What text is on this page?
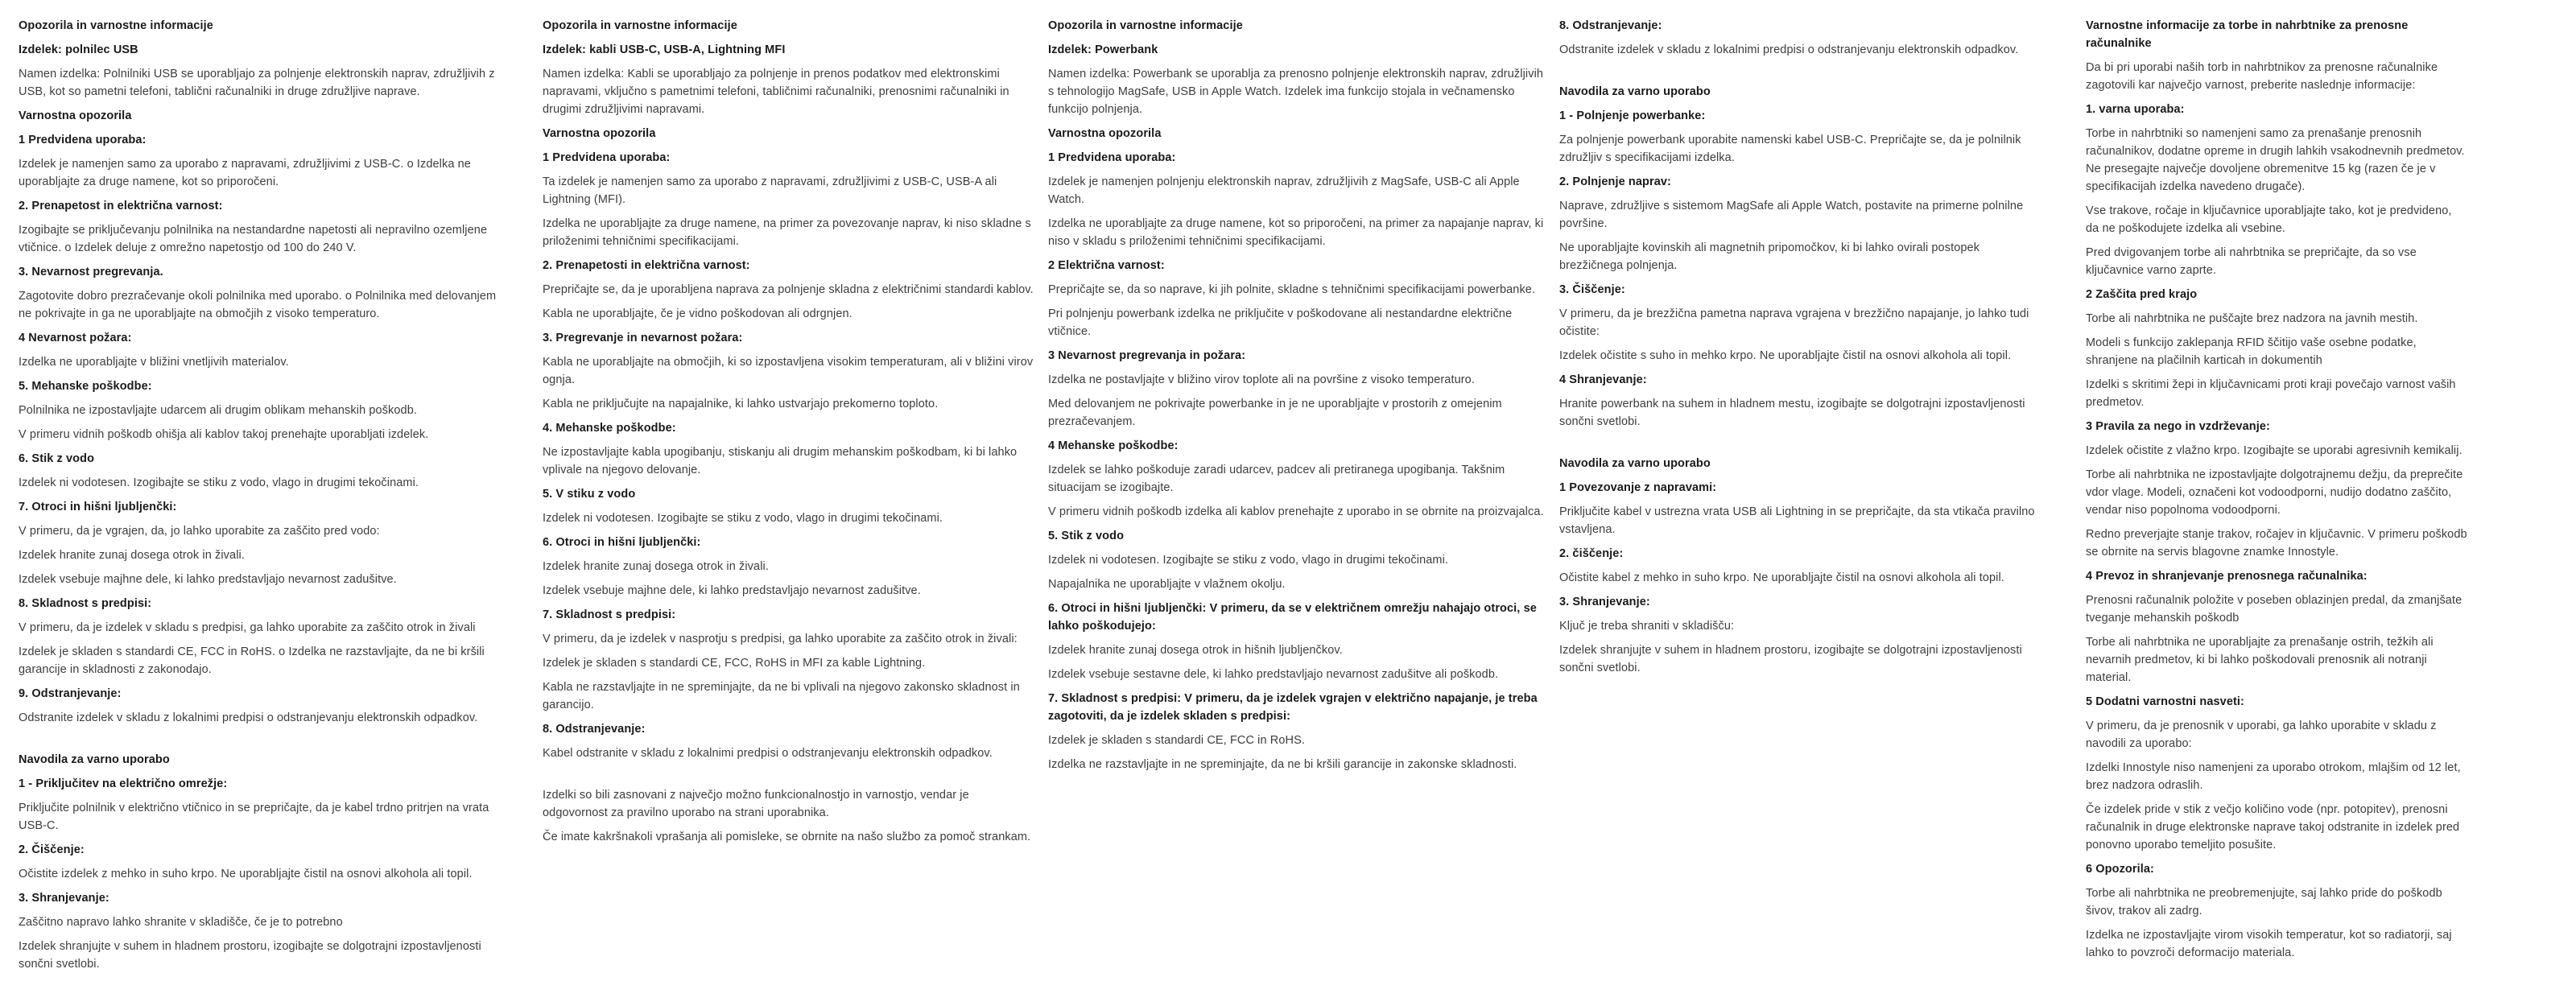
Opozorila in varnostne informacije
Izdelek: polnilec USB
Namen izdelka: Polnilniki USB se uporabljajo za polnjenje elektronskih naprav, združljivih z USB, kot so pametni telefoni, tablični računalniki in druge združljive naprave.
Varnostna opozorila
1 Predvidena uporaba:
Izdelek je namenjen samo za uporabo z napravami, združljivimi z USB-C. o Izdelka ne uporabljajte za druge namene, kot so priporočeni.
2. Prenapetost in električna varnost:
Izogibajte se priključevanju polnilnika na nestandardne napetosti ali nepravilno ozemljene vtičnice. o Izdelek deluje z omrežno napetostjo od 100 do 240 V.
3. Nevarnost pregrevanja.
Zagotovite dobro prezračevanje okoli polnilnika med uporabo. o Polnilnika med delovanjem ne pokrivajte in ga ne uporabljajte na območjih z visoko temperaturo.
4 Nevarnost požara:
Izdelka ne uporabljajte v bližini vnetljivih materialov.
5. Mehanske poškodbe:
Polnilnika ne izpostavljajte udarcem ali drugim oblikam mehanskih poškodb.
V primeru vidnih poškodb ohišja ali kablov takoj prenehajte uporabljati izdelek.
6. Stik z vodo
Izdelek ni vodotesen. Izogibajte se stiku z vodo, vlago in drugimi tekočinami.
7. Otroci in hišni ljubljenčki:
V primeru, da je vgrajen, da, jo lahko uporabite za zaščito pred vodo:
Izdelek hranite zunaj dosega otrok in živali.
Izdelek vsebuje majhne dele, ki lahko predstavljajo nevarnost zadušitve.
8. Skladnost s predpisi:
V primeru, da je izdelek v skladu s predpisi, ga lahko uporabite za zaščito otrok in živali
Izdelek je skladen s standardi CE, FCC in RoHS. o Izdelka ne razstavljajte, da ne bi kršili garancije in skladnosti z zakonodajo.
9. Odstranjevanje:
Odstranite izdelek v skladu z lokalnimi predpisi o odstranjevanju elektronskih odpadkov.
Navodila za varno uporabo
1 - Priključitev na električno omrežje:
Priključite polnilnik v električno vtičnico in se prepričajte, da je kabel trdno pritrjen na vrata USB-C.
2. Čiščenje:
Očistite izdelek z mehko in suho krpo. Ne uporabljajte čistil na osnovi alkohola ali topil.
3. Shranjevanje:
Zaščitno napravo lahko shranite v skladišče, če je to potrebno
Izdelek shranjujte v suhem in hladnem prostoru, izogibajte se dolgotrajni izpostavljenosti sončni svetlobi.
Opozorila in varnostne informacije
Izdelek: kabli USB-C, USB-A, Lightning MFI
Namen izdelka: Kabli se uporabljajo za polnjenje in prenos podatkov med elektronskimi napravami, vključno s pametnimi telefoni, tabličnimi računalniki, prenosnimi računalniki in drugimi združljivimi napravami.
Varnostna opozorila
1 Predvidena uporaba:
Ta izdelek je namenjen samo za uporabo z napravami, združljivimi z USB-C, USB-A ali Lightning (MFI).
Izdelka ne uporabljajte za druge namene, na primer za povezovanje naprav, ki niso skladne s priloženimi tehničnimi specifikacijami.
2. Prenapetosti in električna varnost:
Prepričajte se, da je uporabljena naprava za polnjenje skladna z električnimi standardi kablov.
Kabla ne uporabljajte, če je vidno poškodovan ali odrgnjen.
3. Pregrevanje in nevarnost požara:
Kabla ne uporabljajte na območjih, ki so izpostavljena visokim temperaturam, ali v bližini virov ognja.
Kabla ne priključujte na napajalnike, ki lahko ustvarjajo prekomerno toploto.
4. Mehanske poškodbe:
Ne izpostavljajte kabla upogibanju, stiskanju ali drugim mehanskim poškodbam, ki bi lahko vplivale na njegovo delovanje.
5. V stiku z vodo
Izdelek ni vodotesen. Izogibajte se stiku z vodo, vlago in drugimi tekočinami.
6. Otroci in hišni ljubljenčki:
Izdelek hranite zunaj dosega otrok in živali.
Izdelek vsebuje majhne dele, ki lahko predstavljajo nevarnost zadušitve.
7. Skladnost s predpisi:
V primeru, da je izdelek v nasprotju s predpisi, ga lahko uporabite za zaščito otrok in živali:
Izdelek je skladen s standardi CE, FCC, RoHS in MFI za kable Lightning.
Kabla ne razstavljajte in ne spreminjajte, da ne bi vplivali na njegovo zakonsko skladnost in garancijo.
8. Odstranjevanje:
Kabel odstranite v skladu z lokalnimi predpisi o odstranjevanju elektronskih odpadkov.
Izdelki so bili zasnovani z največjo možno funkcionalnostjo in varnostjo, vendar je odgovornost za pravilno uporabo na strani uporabnika.
Če imate kakršnakoli vprašanja ali pomisleke, se obrnite na našo službo za pomoč strankam.
Opozorila in varnostne informacije
Izdelek: Powerbank
Namen izdelka: Powerbank se uporablja za prenosno polnjenje elektronskih naprav, združljivih s tehnologijo MagSafe, USB in Apple Watch. Izdelek ima funkcijo stojala in večnamensko funkcijo polnjenja.
Varnostna opozorila
1 Predvidena uporaba:
Izdelek je namenjen polnjenju elektronskih naprav, združljivih z MagSafe, USB-C ali Apple Watch.
Izdelka ne uporabljajte za druge namene, kot so priporočeni, na primer za napajanje naprav, ki niso v skladu s priloženimi tehničnimi specifikacijami.
2 Električna varnost:
Prepričajte se, da so naprave, ki jih polnite, skladne s tehničnimi specifikacijami powerbanke.
Pri polnjenju powerbank izdelka ne priključite v poškodovane ali nestandardne električne vtičnice.
3 Nevarnost pregrevanja in požara:
Izdelka ne postavljajte v bližino virov toplote ali na površine z visoko temperaturo.
Med delovanjem ne pokrivajte powerbanke in je ne uporabljajte v prostorih z omejenim prezračevanjem.
4 Mehanske poškodbe:
Izdelek se lahko poškoduje zaradi udarcev, padcev ali pretiranega upogibanja. Takšnim situacijam se izogibajte.
V primeru vidnih poškodb izdelka ali kablov prenehajte z uporabo in se obrnite na proizvajalca.
5. Stik z vodo
Izdelek ni vodotesen. Izogibajte se stiku z vodo, vlago in drugimi tekočinami.
Napajalnika ne uporabljajte v vlažnem okolju.
6. Otroci in hišni ljubljenčki: V primeru, da se v električnem omrežju nahajajo otroci, se lahko poškodujejo:
Izdelek hranite zunaj dosega otrok in hišnih ljubljenčkov.
Izdelek vsebuje sestavne dele, ki lahko predstavljajo nevarnost zadušitve ali poškodb.
7. Skladnost s predpisi: V primeru, da je izdelek vgrajen v električno napajanje, je treba zagotoviti, da je izdelek skladen s predpisi:
Izdelek je skladen s standardi CE, FCC in RoHS.
Izdelka ne razstavljajte in ne spreminjajte, da ne bi kršili garancije in zakonske skladnosti.
8. Odstranjevanje:
Odstranite izdelek v skladu z lokalnimi predpisi o odstranjevanju elektronskih odpadkov.
Navodila za varno uporabo
1 - Polnjenje powerbanke:
Za polnjenje powerbank uporabite namenski kabel USB-C. Prepričajte se, da je polnilnik združljiv s specifikacijami izdelka.
2. Polnjenje naprav:
Naprave, združljive s sistemom MagSafe ali Apple Watch, postavite na primerne polnilne površine.
Ne uporabljajte kovinskih ali magnetnih pripomočkov, ki bi lahko ovirali postopek brezžičnega polnjenja.
3. Čiščenje:
V primeru, da je brezžična pametna naprava vgrajena v brezžično napajanje, jo lahko tudi očistite:
Izdelek očistite s suho in mehko krpo. Ne uporabljajte čistil na osnovi alkohola ali topil.
4 Shranjevanje:
Hranite powerbank na suhem in hladnem mestu, izogibajte se dolgotrajni izpostavljenosti sončni svetlobi.
Navodila za varno uporabo
1 Povezovanje z napravami:
Priključite kabel v ustrezna vrata USB ali Lightning in se prepričajte, da sta vtikača pravilno vstavljena.
2. čiščenje:
Očistite kabel z mehko in suho krpo. Ne uporabljajte čistil na osnovi alkohola ali topil.
3. Shranjevanje:
Ključ je treba shraniti v skladišču:
Izdelek shranjujte v suhem in hladnem prostoru, izogibajte se dolgotrajni izpostavljenosti sončni svetlobi.
Varnostne informacije za torbe in nahrbtnike za prenosne računalnike
Da bi pri uporabi naših torb in nahrbtnikov za prenosne računalnike zagotovili kar največjo varnost, preberite naslednje informacije:
1. varna uporaba:
Torbe in nahrbtniki so namenjeni samo za prenašanje prenosnih računalnikov, dodatne opreme in drugih lahkih vsakodnevnih predmetov. Ne presegajte največje dovoljene obremenitve 15 kg (razen če je v specifikacijah izdelka navedeno drugače).
Vse trakove, ročaje in ključavnice uporabljajte tako, kot je predvideno, da ne poškodujete izdelka ali vsebine.
Pred dvigovanjem torbe ali nahrbtnika se prepričajte, da so vse ključavnice varno zaprte.
2 Zaščita pred krajo
Torbe ali nahrbtnika ne puščajte brez nadzora na javnih mestih.
Modeli s funkcijo zaklepanja RFID ščitijo vaše osebne podatke, shranjene na plačilnih karticah in dokumentih
Izdelki s skritimi žepi in ključavnicami proti kraji povečajo varnost vaših predmetov.
3 Pravila za nego in vzdrževanje:
Izdelek očistite z vlažno krpo. Izogibajte se uporabi agresivnih kemikalij.
Torbe ali nahrbtnika ne izpostavljajte dolgotrajnemu dežju, da preprečite vdor vlage. Modeli, označeni kot vodoodporni, nudijo dodatno zaščito, vendar niso popolnoma vodoodporni.
Redno preverjajte stanje trakov, ročajev in ključavnic. V primeru poškodb se obrnite na servis blagovne znamke Innostyle.
4 Prevoz in shranjevanje prenosnega računalnika:
Prenosni računalnik položite v poseben oblazinjen predal, da zmanjšate tveganje mehanskih poškodb
Torbe ali nahrbtnika ne uporabljajte za prenašanje ostrih, težkih ali nevarnih predmetov, ki bi lahko poškodovali prenosnik ali notranji material.
5 Dodatni varnostni nasveti:
V primeru, da je prenosnik v uporabi, ga lahko uporabite v skladu z navodili za uporabo:
Izdelki Innostyle niso namenjeni za uporabo otrokom, mlajšim od 12 let, brez nadzora odraslih.
Če izdelek pride v stik z večjo količino vode (npr. potopitev), prenosni računalnik in druge elektronske naprave takoj odstranite in izdelek pred ponovno uporabo temeljito posušite.
6 Opozorila:
Torbe ali nahrbtnika ne preobremenjujte, saj lahko pride do poškodb šivov, trakov ali zadrg.
Izdelka ne izpostavljajte virom visokih temperatur, kot so radiatorji, saj lahko to povzroči deformacijo materiala.
